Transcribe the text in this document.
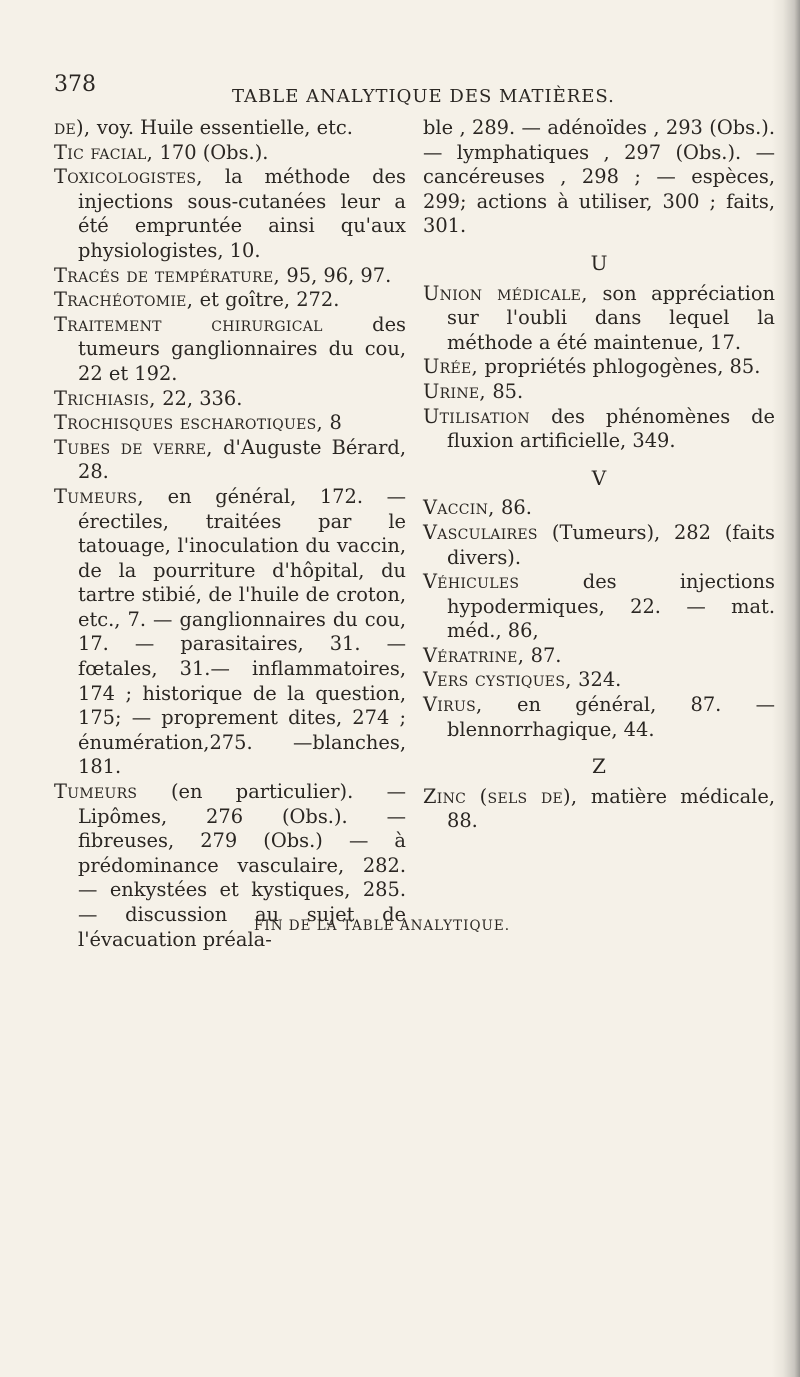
378	TABLE ANALYTIQUE DES MATIÈRES.

de), voy. Huile essentielle, etc.

Tic facial, 170 (Obs.).

Toxicologistes, la méthode des injections sous-cutanées leur a été empruntée ainsi qu'aux physiologistes, 10.

Tracés de température, 95, 96, 97.

Trachéotomie, et goître, 272.

Traitement chirurgical des tumeurs ganglionnaires du cou, 22 et 192.

Trichiasis, 22, 336.

Trochisques escharotiques, 8

Tubes de verre, d'Auguste Bérard, 28.

Tumeurs, en général, 172. — érectiles, traitées par le tatouage, l'inoculation du vaccin, de la pourriture d'hôpital, du tartre stibié, de l'huile de croton, etc., 7. — ganglionnaires du cou, 17. — parasitaires, 31. — fœtales, 31.— inflammatoires, 174 ; historique de la question, 175; — proprement dites, 274 ; énumération,275. —blanches, 181.

Tumeurs (en particulier). — Lipômes, 276 (Obs.). — fibreuses, 279 (Obs.) — à prédominance vasculaire, 282. — enkystées et kystiques, 285. — discussion au sujet de l'évacuation préala-

ble , 289. — adénoïdes , 293 (Obs.). — lymphatiques , 297 (Obs.). — cancéreuses , 298 ; — espèces, 299; actions à utiliser, 300 ; faits, 301.

U

Union médicale, son appréciation sur l'oubli dans lequel la méthode a été maintenue, 17.

Urée, propriétés phlogogènes, 85.

Urine, 85.

Utilisation des phénomènes de fluxion artificielle, 349.

V

Vaccin, 86.

Vasculaires (Tumeurs), 282 (faits divers).

Véhicules des injections hypodermiques, 22. — mat. méd., 86,

Vératrine, 87.

Vers cystiques, 324.

Virus, en général, 87. — blennorrhagique, 44.

Z

Zinc (sels de), matière médicale, 88.

FIN DE LA TABLE ANALYTIQUE.
